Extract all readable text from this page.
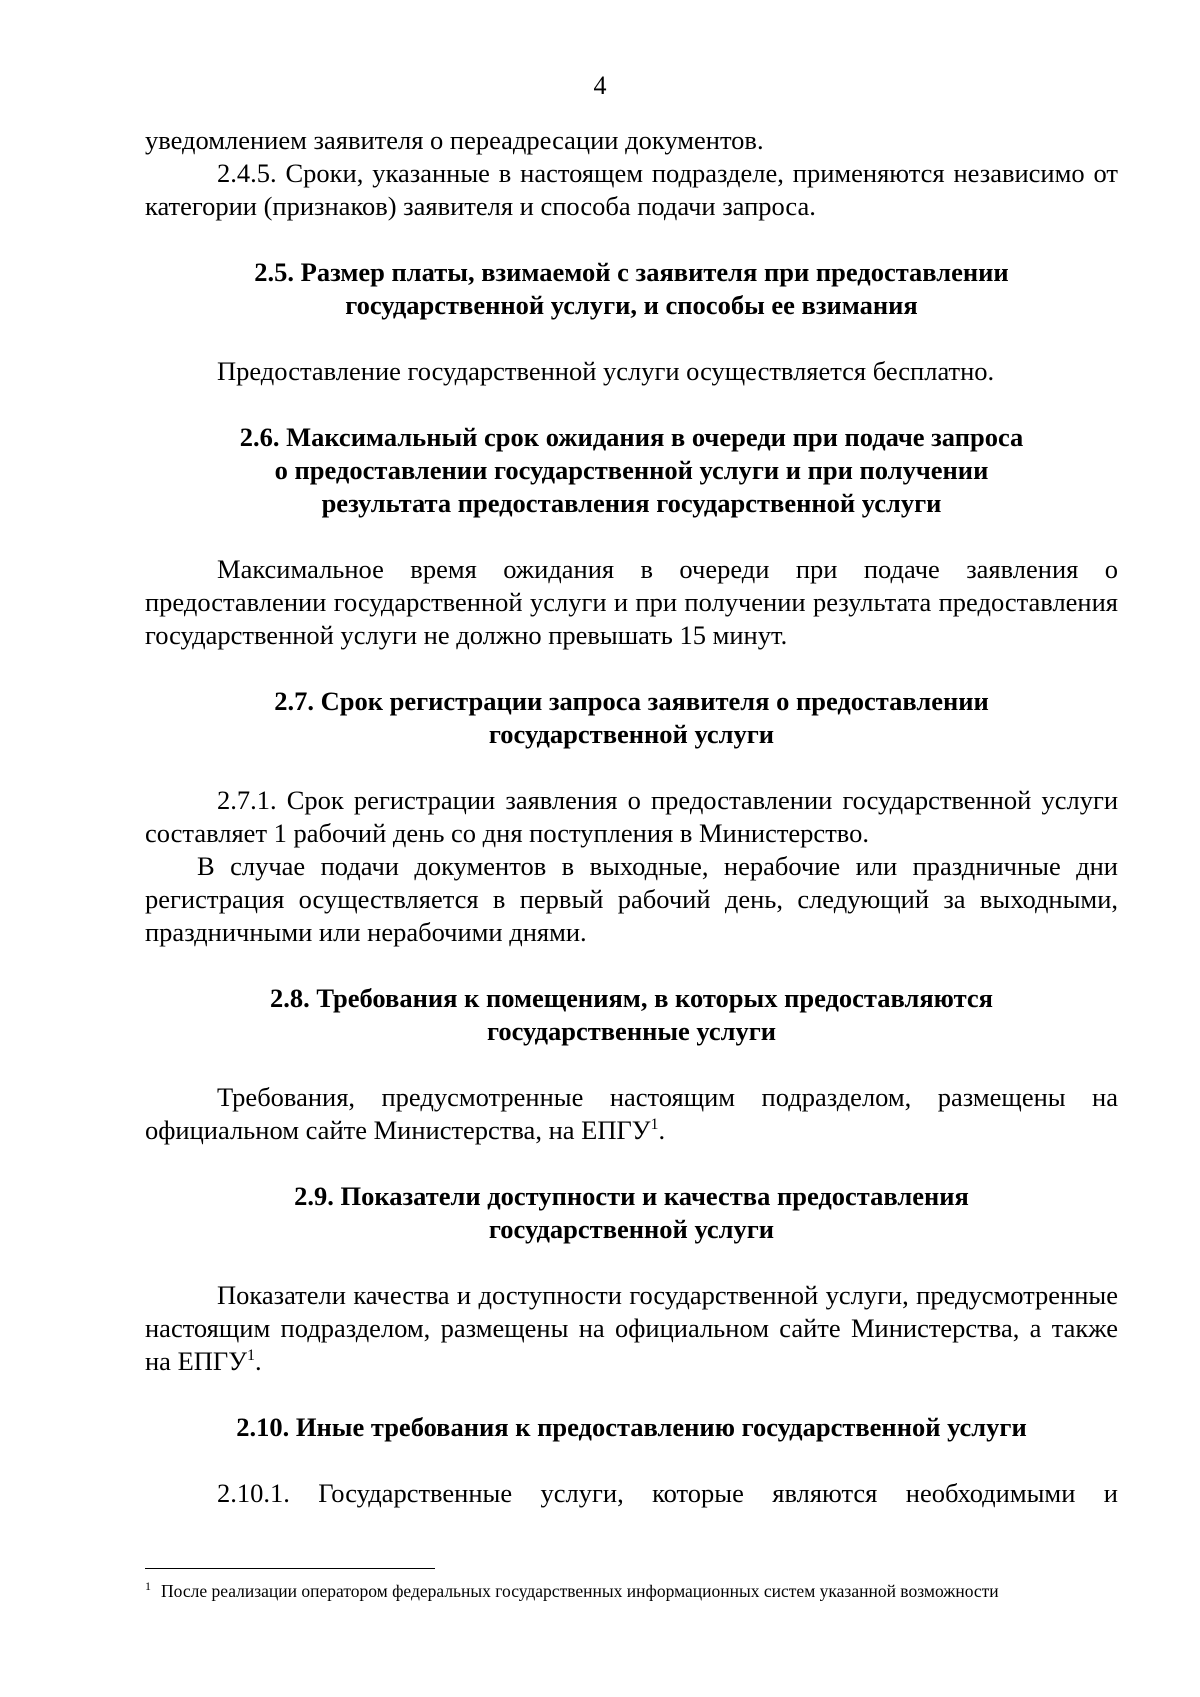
4

уведомлением заявителя о переадресации документов.

2.4.5. Сроки, указанные в настоящем подразделе, применяются независимо от категории (признаков) заявителя и способа подачи запроса.

2.5. Размер платы, взимаемой с заявителя при предоставлении
государственной услуги, и способы ее взимания

Предоставление государственной услуги осуществляется бесплатно.

2.6. Максимальный срок ожидания в очереди при подаче запроса
о предоставлении государственной услуги и при получении
результата предоставления государственной услуги

Максимальное время ожидания в очереди при подаче заявления о предоставлении государственной услуги и при получении результата предоставления государственной услуги не должно превышать 15 минут.

2.7. Срок регистрации запроса заявителя о предоставлении
государственной услуги

2.7.1. Срок регистрации заявления о предоставлении государственной услуги составляет 1 рабочий день со дня поступления в Министерство.

В случае подачи документов в выходные, нерабочие или праздничные дни регистрация осуществляется в первый рабочий день, следующий за выходными, праздничными или нерабочими днями.

2.8. Требования к помещениям, в которых предоставляются
государственные услуги

Требования, предусмотренные настоящим подразделом, размещены на официальном сайте Министерства, на ЕПГУ$^1$.

2.9. Показатели доступности и качества предоставления
государственной услуги

Показатели качества и доступности государственной услуги, предусмотренные настоящим подразделом, размещены на официальном сайте Министерства, а также на ЕПГУ$^1$.

2.10. Иные требования к предоставлению государственной услуги

2.10.1. Государственные услуги, которые являются необходимыми и

$^1$ После реализации оператором федеральных государственных информационных систем указанной возможности
